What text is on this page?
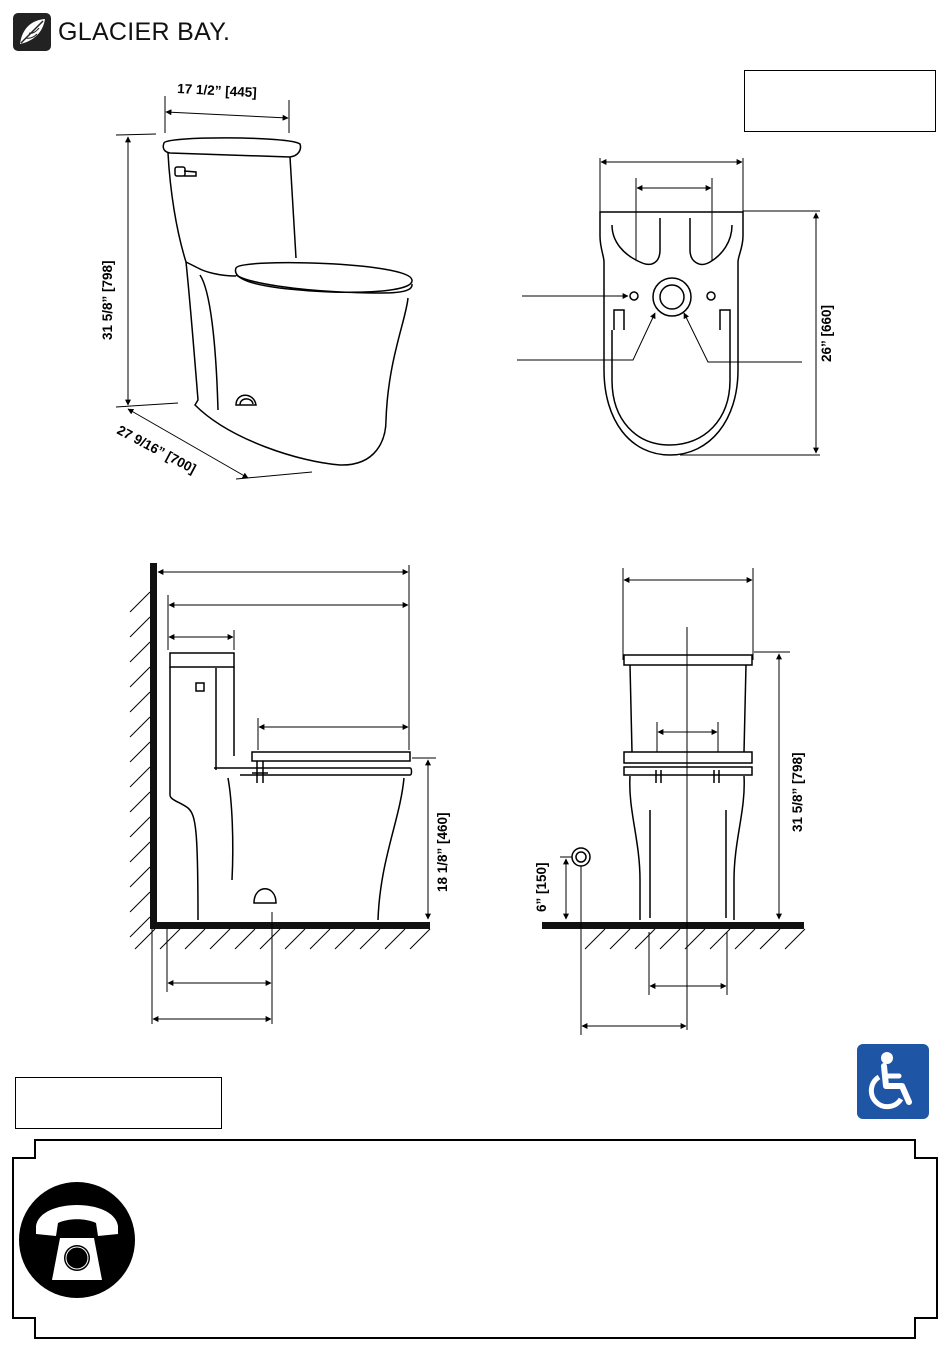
GLACIER BAY.
17 1/2” [445]
31 5/8” [798]
27 9/16” [700]
26” [660]
18 1/8” [460]
31 5/8” [798]
6” [150]
